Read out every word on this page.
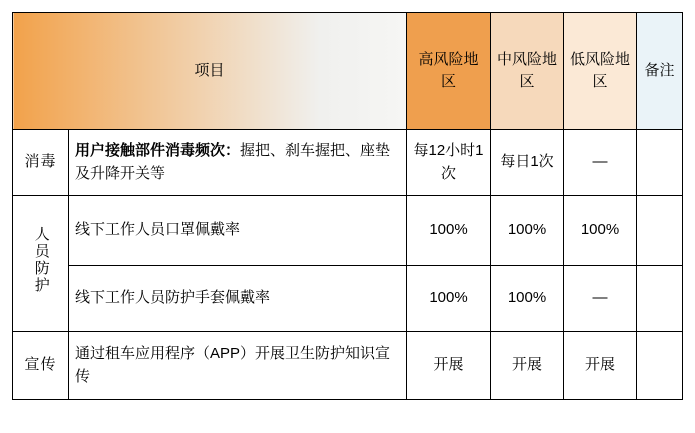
项目		高风险地区	中风险地区	低风险地区	备注
消毒	用户接触部件消毒频次：握把、刹车握把、座垫及升降开关等	每12小时1次	每日1次	—	
人员防护	线下工作人员口罩佩戴率	100%	100%	100%	
	线下工作人员防护手套佩戴率	100%	100%	—	
宣传	通过租车应用程序（APP）开展卫生防护知识宣传	开展	开展	开展	
